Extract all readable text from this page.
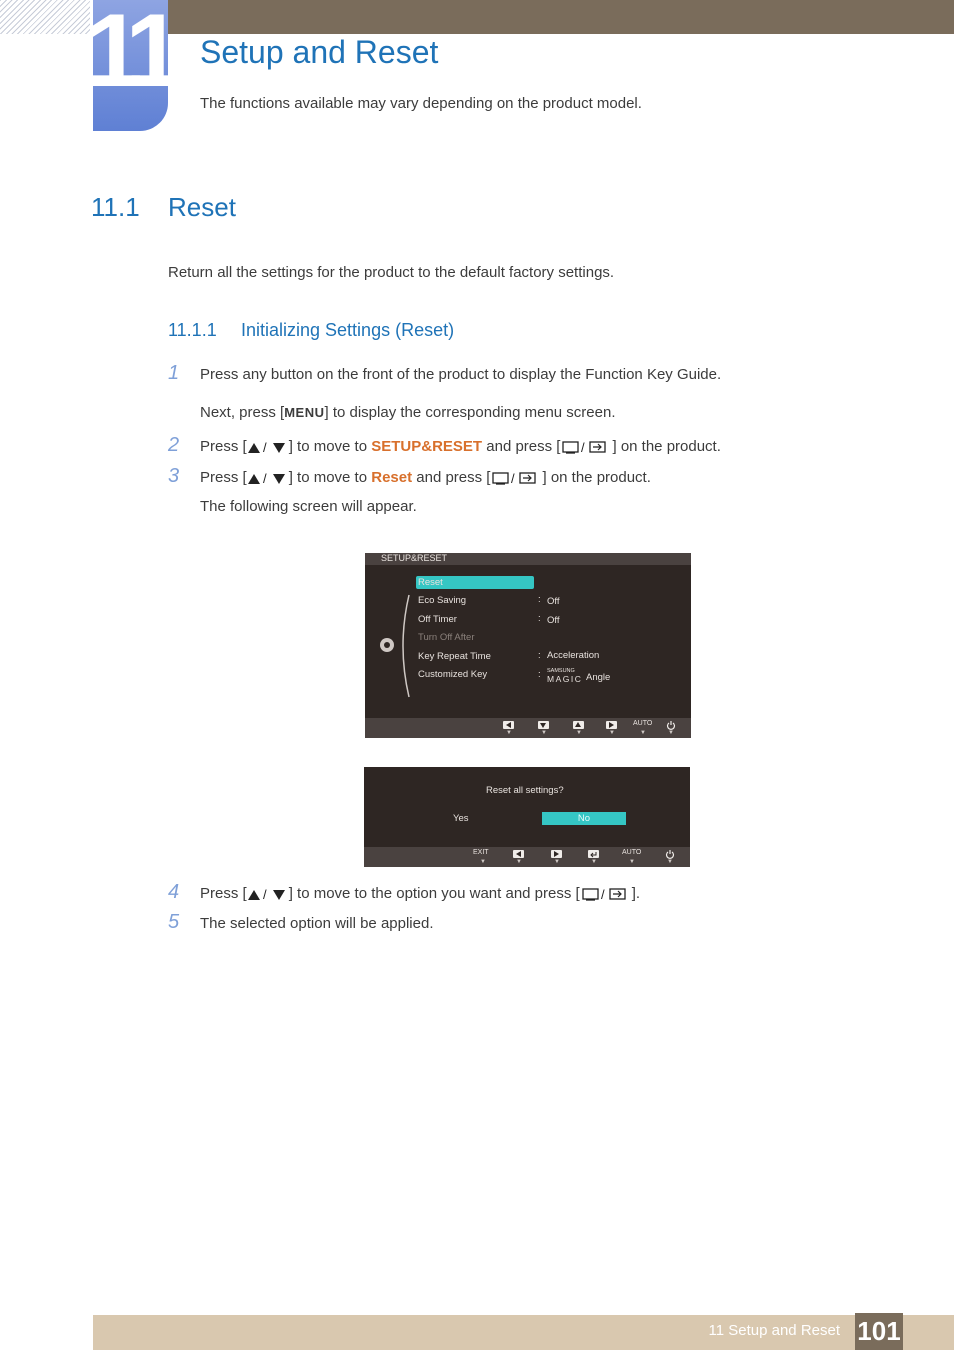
11 Setup and Reset
The functions available may vary depending on the product model.
11.1 Reset
Return all the settings for the product to the default factory settings.
11.1.1 Initializing Settings (Reset)
1 Press any button on the front of the product to display the Function Key Guide.
Next, press [MENU] to display the corresponding menu screen.
2 Press [ / ] to move to SETUP&RESET and press [ / ] on the product.
3 Press [ / ] to move to Reset and press [ / ] on the product.
The following screen will appear.
SETUP&RESET
Reset
Eco Saving	: Off
Off Timer	: Off
Turn Off After
Key Repeat Time	: Acceleration
Customized Key	: SAMSUNG
MAGIC Angle
AUTO
▼	▼	▼	▼	▼	▼
Reset all settings?
Yes	No
EXIT	AUTO
▼	▼	▼	▼	▼	▼
4 Press [ / ] to move to the option you want and press [ / ].
5 The selected option will be applied.
11 Setup and Reset 101
